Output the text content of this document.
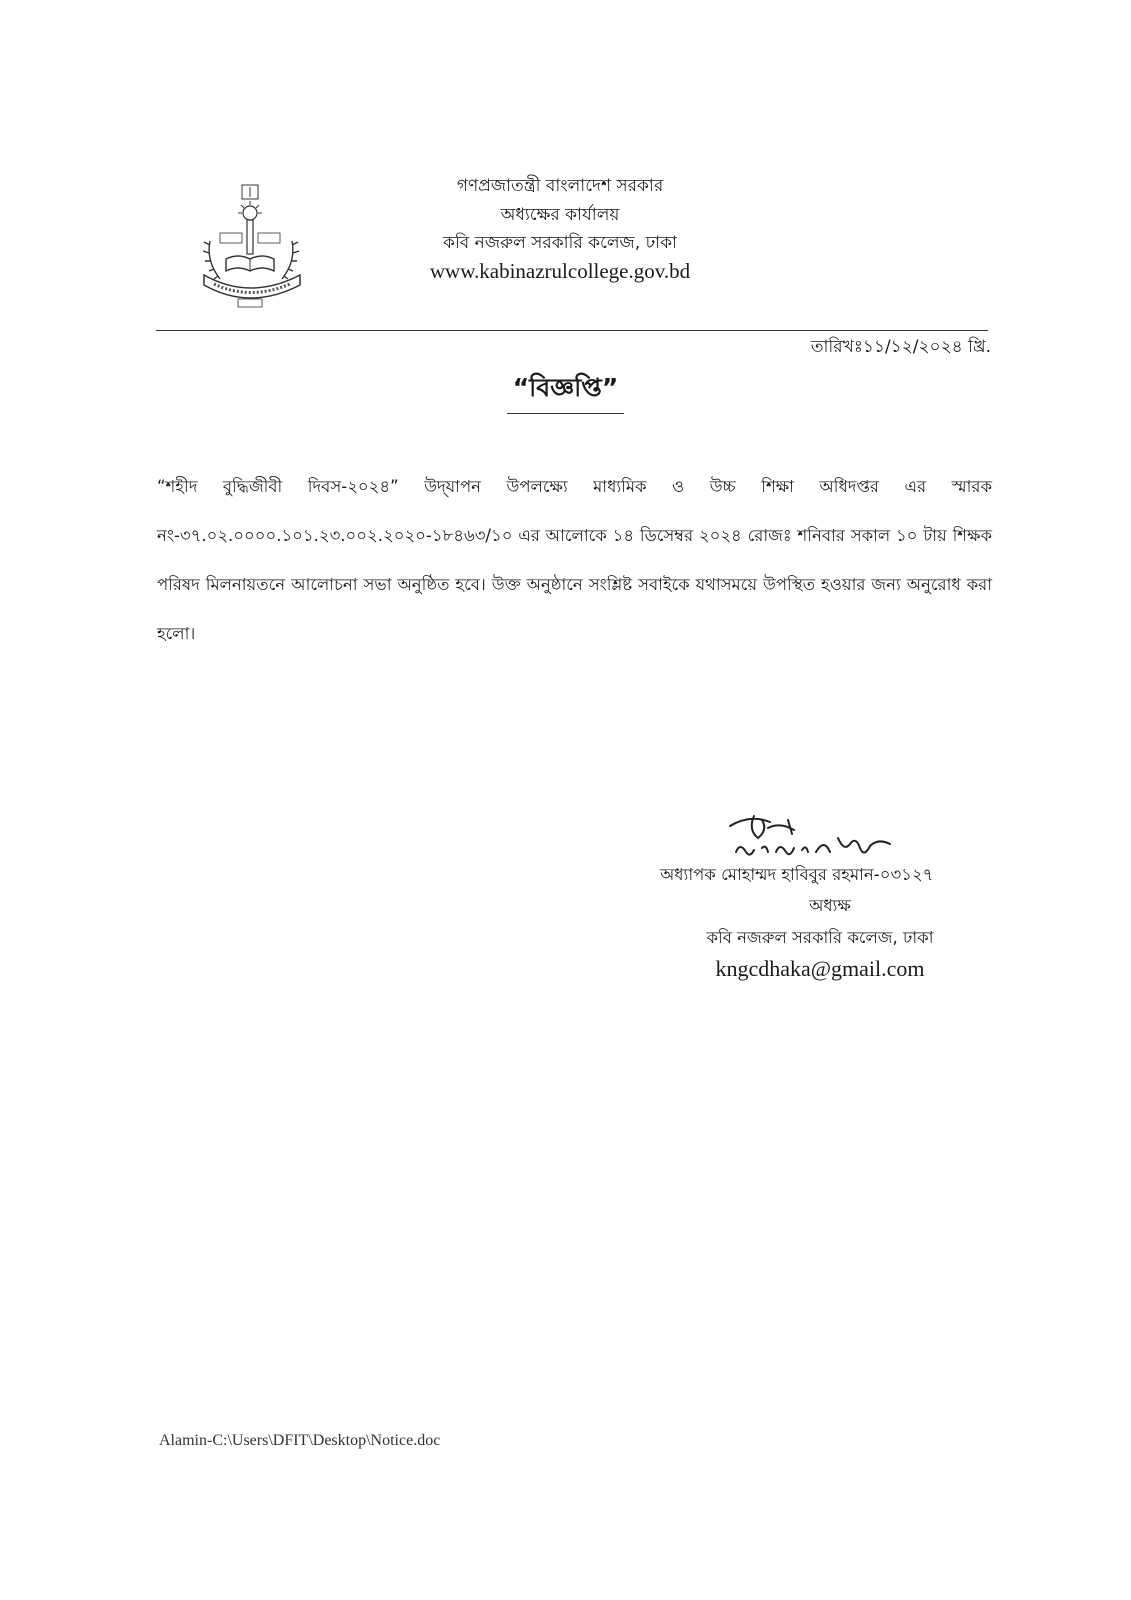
গণপ্রজাতন্ত্রী বাংলাদেশ সরকার
অধ্যক্ষের কার্যালয়
কবি নজরুল সরকারি কলেজ, ঢাকা
www.kabinazrulcollege.gov.bd
তারিখঃ১১/১২/২০২৪ খ্রি.
“বিজ্ঞপ্তি”
“শহীদ বুদ্ধিজীবী দিবস-২০২৪” উদ্‌যাপন উপলক্ষ্যে মাধ্যমিক ও উচ্চ শিক্ষা অধিদপ্তর এর স্মারক নং-৩৭.০২.০০০০.১০১.২৩.০০২.২০২০-১৮৪৬৩/১০ এর আলোকে ১৪ ডিসেম্বর ২০২৪ রোজঃ শনিবার সকাল ১০ টায় শিক্ষক পরিষদ মিলনায়তনে আলোচনা সভা অনুষ্ঠিত হবে। উক্ত অনুষ্ঠানে সংশ্লিষ্ট সবাইকে যথাসময়ে উপস্থিত হওয়ার জন্য অনুরোধ করা হলো।
অধ্যাপক মোহাম্মদ হাবিবুর রহমান-০৩১২৭
অধ্যক্ষ
কবি নজরুল সরকারি কলেজ, ঢাকা
kngcdhaka@gmail.com
Alamin-C:\Users\DFIT\Desktop\Notice.doc
